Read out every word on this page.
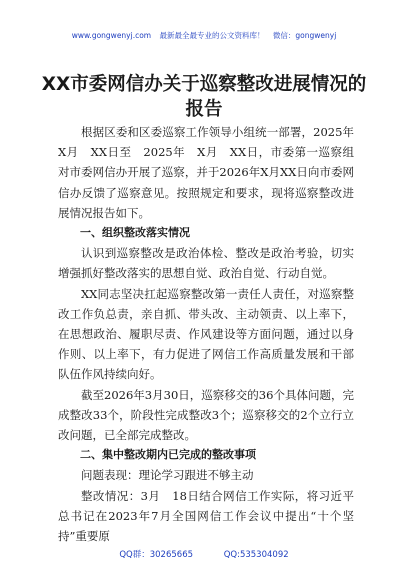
www.gongwenyj.com 最新最全最专业的公文资料库！ 微信：gongwenyj
XX市委网信办关于巡察整改进展情况的
报告

根据区委和区委巡察工作领导小组统一部署，2025年　X月　XX日至　2025年　X月　XX日，市委第一巡察组对市委网信办开展了巡察，并于2026年X月XX日向市委网信办反馈了巡察意见。按照规定和要求，现将巡察整改进展情况报告如下。

一、组织整改落实情况

认识到巡察整改是政治体检、整改是政治考验，切实增强抓好整改落实的思想自觉、政治自觉、行动自觉。

XX同志坚决扛起巡察整改第一责任人责任，对巡察整改工作负总责，亲自抓、带头改、主动领责、以上率下，在思想政治、履职尽责、作风建设等方面问题，通过以身作则、以上率下，有力促进了网信工作高质量发展和干部队伍作风持续向好。

截至2026年3月30日，巡察移交的36个具体问题，完成整改33个，阶段性完成整改3个；巡察移交的2个立行立改问题，已全部完成整改。

二、集中整改期内已完成的整改事项

问题表现：理论学习跟进不够主动

整改情况：3月　18日结合网信工作实际，将习近平总书记在2023年7月全国网信工作会议中提出“十个坚持”重要原

QQ群：30265665	QQ:535304092
